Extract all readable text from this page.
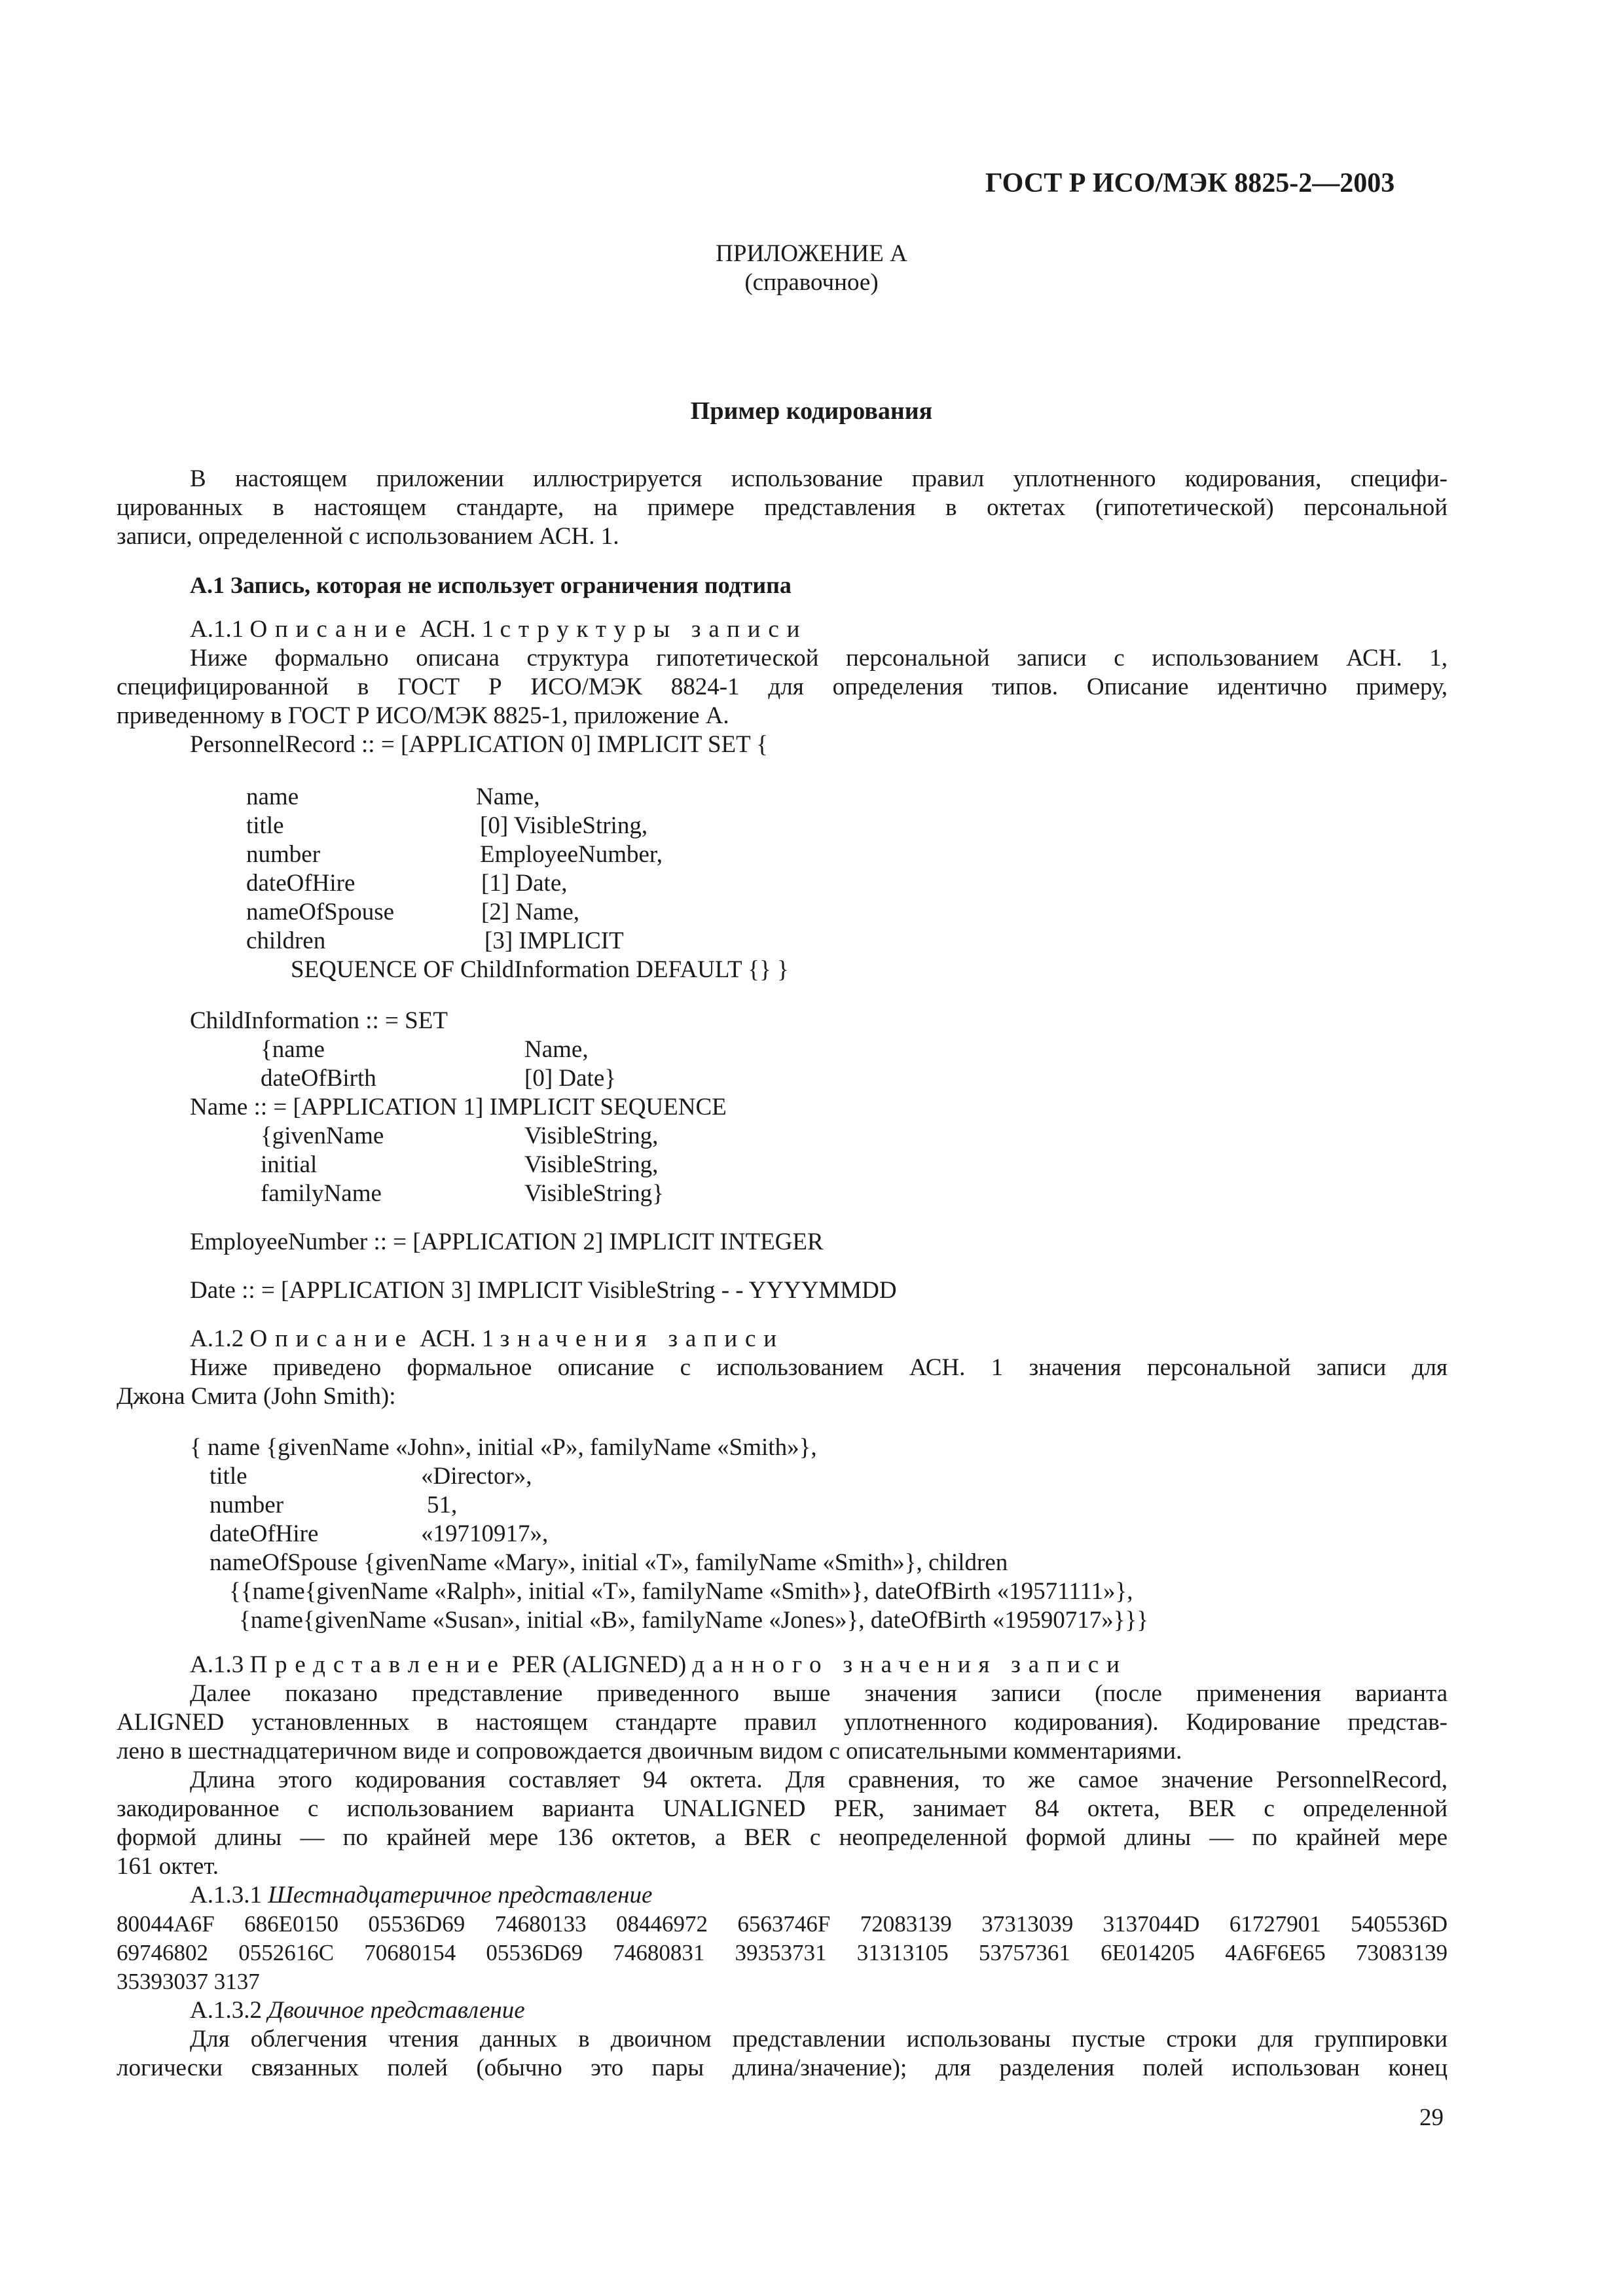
ГОСТ Р ИСО/МЭК 8825-2—2003
ПРИЛОЖЕНИЕ А
(справочное)
Пример кодирования
В настоящем приложении иллюстрируется использование правил уплотненного кодирования, специфи-
цированных в настоящем стандарте, на примере представления в октетах (гипотетической) персональной
записи, определенной с использованием АСН. 1.
А.1 Запись, которая не использует ограничения подтипа
А.1.1 Описание АСН. 1 структуры записи
Ниже формально описана структура гипотетической персональной записи с использованием АСН. 1,
специфицированной в ГОСТ Р ИСО/МЭК 8824-1 для определения типов. Описание идентично примеру,
приведенному в ГОСТ Р ИСО/МЭК 8825-1, приложение А.
PersonnelRecord :: = [APPLICATION 0] IMPLICIT SET {
name	Name,
title	[0] VisibleString,
number	EmployeeNumber,
dateOfHire	[1] Date,
nameOfSpouse	[2] Name,
children	[3] IMPLICIT
SEQUENCE OF ChildInformation DEFAULT {} }
ChildInformation :: = SET
{name	Name,
dateOfBirth	[0] Date}
Name :: = [APPLICATION 1] IMPLICIT SEQUENCE
{givenName	VisibleString,
initial	VisibleString,
familyName	VisibleString}
EmployeeNumber :: = [APPLICATION 2] IMPLICIT INTEGER
Date :: = [APPLICATION 3] IMPLICIT VisibleString - - YYYYMMDD
А.1.2 Описание АСН. 1 значения записи
Ниже приведено формальное описание с использованием АСН. 1 значения персональной записи для
Джона Смита (John Smith):
{ name {givenName «John», initial «P», familyName «Smith»},
title	«Director»,
number	51,
dateOfHire	«19710917»,
nameOfSpouse {givenName «Mary», initial «T», familyName «Smith»}, children
{{name{givenName «Ralph», initial «T», familyName «Smith»}, dateOfBirth «19571111»},
{name{givenName «Susan», initial «B», familyName «Jones»}, dateOfBirth «19590717»}}}
А.1.3 Представление PER (ALIGNED) данного значения записи
Далее показано представление приведенного выше значения записи (после применения варианта
ALIGNED установленных в настоящем стандарте правил уплотненного кодирования). Кодирование представ-
лено в шестнадцатеричном виде и сопровождается двоичным видом с описательными комментариями.
Длина этого кодирования составляет 94 октета. Для сравнения, то же самое значение PersonnelRecord,
закодированное с использованием варианта UNALIGNED PER, занимает 84 октета, BER с определенной
формой длины — по крайней мере 136 октетов, а BER с неопределенной формой длины — по крайней мере
161 октет.
А.1.3.1 Шестнадцатеричное представление
80044A6F 686E0150 05536D69 74680133 08446972 6563746F 72083139 37313039 3137044D 61727901 5405536D
69746802 0552616C 70680154 05536D69 74680831 39353731 31313105 53757361 6E014205 4A6F6E65 73083139
35393037 3137
А.1.3.2 Двоичное представление
Для облегчения чтения данных в двоичном представлении использованы пустые строки для группировки
логически связанных полей (обычно это пары длина/значение); для разделения полей использован конец
29
